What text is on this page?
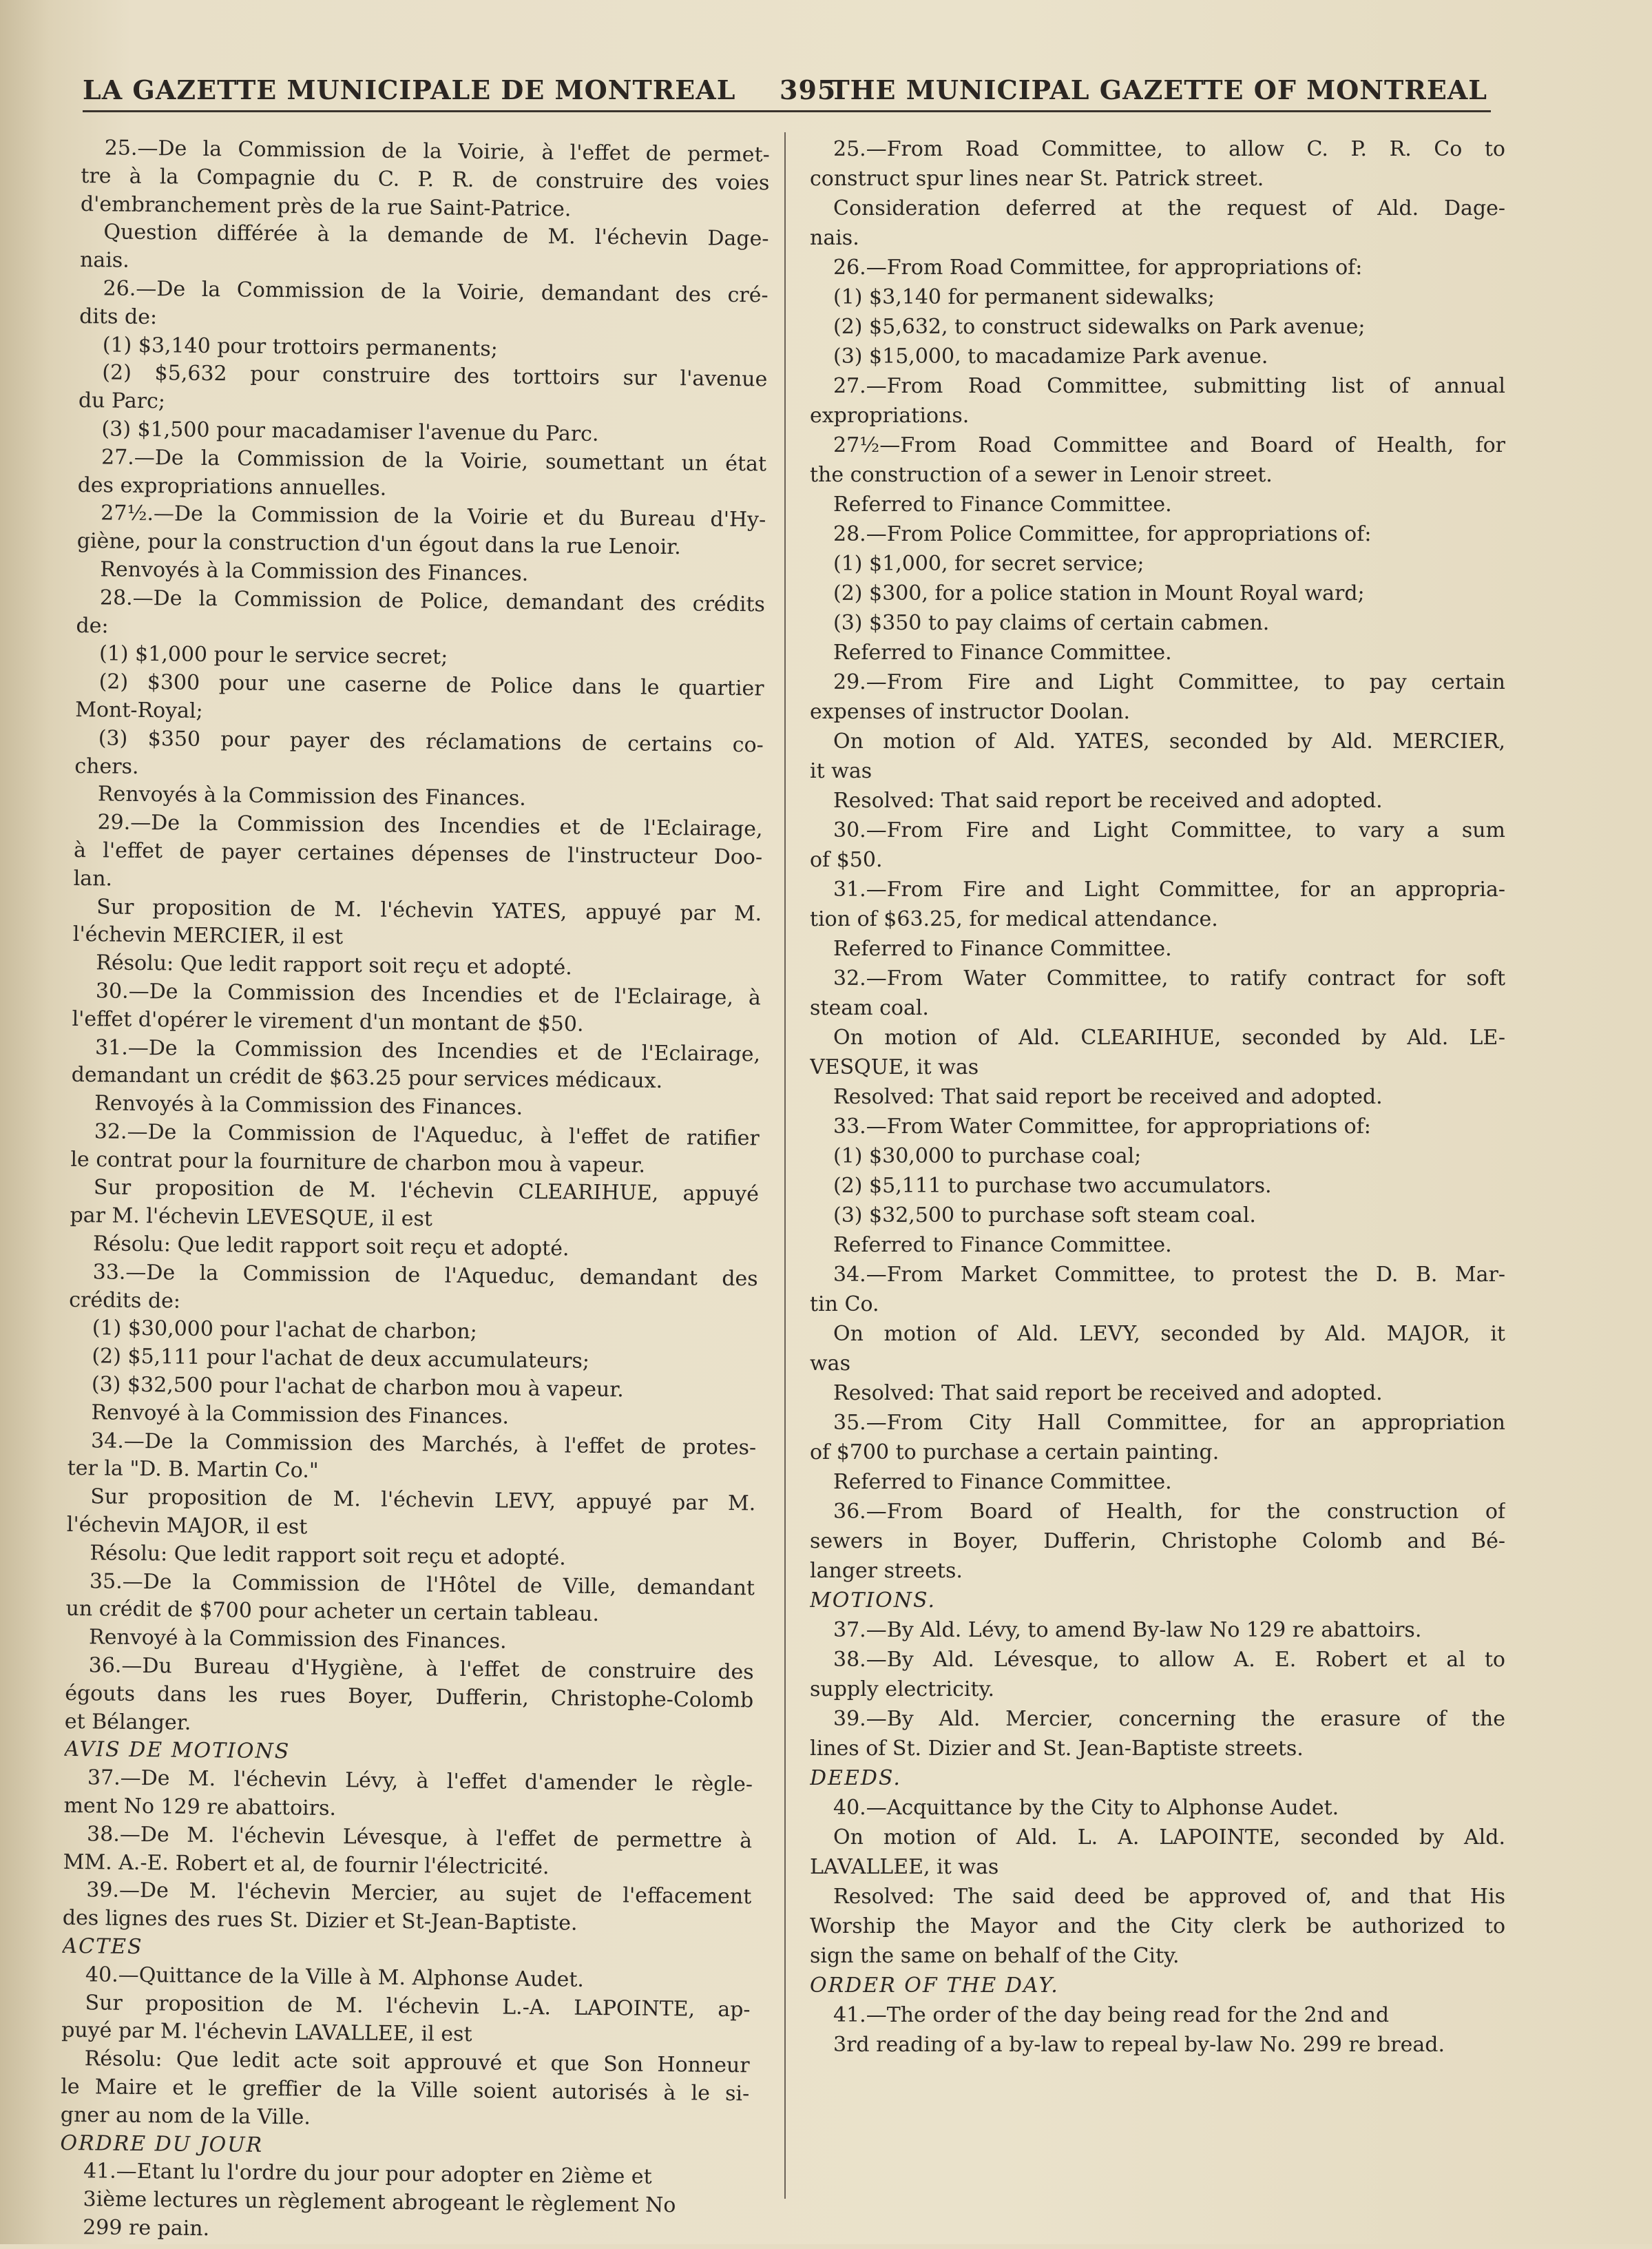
LA GAZETTE MUNICIPALE DE MONTREAL 395
THE MUNICIPAL GAZETTE OF MONTREAL
25.—De la Commission de la Voirie, à l'effet de permet-
tre à la Compagnie du C. P. R. de construire des voies
d'embranchement près de la rue Saint-Patrice.
Question différée à la demande de M. l'échevin Dage-
nais.
26.—De la Commission de la Voirie, demandant des cré-
dits de:
(1) $3,140 pour trottoirs permanents;
(2) $5,632 pour construire des torttoirs sur l'avenue
du Parc;
(3) $1,500 pour macadamiser l'avenue du Parc.
27.—De la Commission de la Voirie, soumettant un état
des expropriations annuelles.
27½.—De la Commission de la Voirie et du Bureau d'Hy-
giène, pour la construction d'un égout dans la rue Lenoir.
Renvoyés à la Commission des Finances.
28.—De la Commission de Police, demandant des crédits
de:
(1) $1,000 pour le service secret;
(2) $300 pour une caserne de Police dans le quartier
Mont-Royal;
(3) $350 pour payer des réclamations de certains co-
chers.
Renvoyés à la Commission des Finances.
29.—De la Commission des Incendies et de l'Eclairage,
à l'effet de payer certaines dépenses de l'instructeur Doo-
lan.
Sur proposition de M. l'échevin YATES, appuyé par M.
l'échevin MERCIER, il est
Résolu: Que ledit rapport soit reçu et adopté.
30.—De la Commission des Incendies et de l'Eclairage, à
l'effet d'opérer le virement d'un montant de $50.
31.—De la Commission des Incendies et de l'Eclairage,
demandant un crédit de $63.25 pour services médicaux.
Renvoyés à la Commission des Finances.
32.—De la Commission de l'Aqueduc, à l'effet de ratifier
le contrat pour la fourniture de charbon mou à vapeur.
Sur proposition de M. l'échevin CLEARIHUE, appuyé
par M. l'échevin LEVESQUE, il est
Résolu: Que ledit rapport soit reçu et adopté.
33.—De la Commission de l'Aqueduc, demandant des
crédits de:
(1) $30,000 pour l'achat de charbon;
(2) $5,111 pour l'achat de deux accumulateurs;
(3) $32,500 pour l'achat de charbon mou à vapeur.
Renvoyé à la Commission des Finances.
34.—De la Commission des Marchés, à l'effet de protes-
ter la "D. B. Martin Co."
Sur proposition de M. l'échevin LEVY, appuyé par M.
l'échevin MAJOR, il est
Résolu: Que ledit rapport soit reçu et adopté.
35.—De la Commission de l'Hôtel de Ville, demandant
un crédit de $700 pour acheter un certain tableau.
Renvoyé à la Commission des Finances.
36.—Du Bureau d'Hygiène, à l'effet de construire des
égouts dans les rues Boyer, Dufferin, Christophe-Colomb
et Bélanger.
AVIS DE MOTIONS
37.—De M. l'échevin Lévy, à l'effet d'amender le règle-
ment No 129 re abattoirs.
38.—De M. l'échevin Lévesque, à l'effet de permettre à
MM. A.-E. Robert et al, de fournir l'électricité.
39.—De M. l'échevin Mercier, au sujet de l'effacement
des lignes des rues St. Dizier et St-Jean-Baptiste.
ACTES
40.—Quittance de la Ville à M. Alphonse Audet.
Sur proposition de M. l'échevin L.-A. LAPOINTE, ap-
puyé par M. l'échevin LAVALLEE, il est
Résolu: Que ledit acte soit approuvé et que Son Honneur
le Maire et le greffier de la Ville soient autorisés à le si-
gner au nom de la Ville.
ORDRE DU JOUR
41.—Etant lu l'ordre du jour pour adopter en 2ième et
3ième lectures un règlement abrogeant le règlement No
299 re pain.
25.—From Road Committee, to allow C. P. R. Co to
construct spur lines near St. Patrick street.
Consideration deferred at the request of Ald. Dage-
nais.
26.—From Road Committee, for appropriations of:
(1) $3,140 for permanent sidewalks;
(2) $5,632, to construct sidewalks on Park avenue;
(3) $15,000, to macadamize Park avenue.
27.—From Road Committee, submitting list of annual
expropriations.
27½—From Road Committee and Board of Health, for
the construction of a sewer in Lenoir street.
Referred to Finance Committee.
28.—From Police Committee, for appropriations of:
(1) $1,000, for secret service;
(2) $300, for a police station in Mount Royal ward;
(3) $350 to pay claims of certain cabmen.
Referred to Finance Committee.
29.—From Fire and Light Committee, to pay certain
expenses of instructor Doolan.
On motion of Ald. YATES, seconded by Ald. MERCIER,
it was
Resolved: That said report be received and adopted.
30.—From Fire and Light Committee, to vary a sum
of $50.
31.—From Fire and Light Committee, for an appropria-
tion of $63.25, for medical attendance.
Referred to Finance Committee.
32.—From Water Committee, to ratify contract for soft
steam coal.
On motion of Ald. CLEARIHUE, seconded by Ald. LE-
VESQUE, it was
Resolved: That said report be received and adopted.
33.—From Water Committee, for appropriations of:
(1) $30,000 to purchase coal;
(2) $5,111 to purchase two accumulators.
(3) $32,500 to purchase soft steam coal.
Referred to Finance Committee.
34.—From Market Committee, to protest the D. B. Mar-
tin Co.
On motion of Ald. LEVY, seconded by Ald. MAJOR, it
was
Resolved: That said report be received and adopted.
35.—From City Hall Committee, for an appropriation
of $700 to purchase a certain painting.
Referred to Finance Committee.
36.—From Board of Health, for the construction of
sewers in Boyer, Dufferin, Christophe Colomb and Bé-
langer streets.
MOTIONS.
37.—By Ald. Lévy, to amend By-law No 129 re abattoirs.
38.—By Ald. Lévesque, to allow A. E. Robert et al to
supply electricity.
39.—By Ald. Mercier, concerning the erasure of the
lines of St. Dizier and St. Jean-Baptiste streets.
DEEDS.
40.—Acquittance by the City to Alphonse Audet.
On motion of Ald. L. A. LAPOINTE, seconded by Ald.
LAVALLEE, it was
Resolved: The said deed be approved of, and that His
Worship the Mayor and the City clerk be authorized to
sign the same on behalf of the City.
ORDER OF THE DAY.
41.—The order of the day being read for the 2nd and
3rd reading of a by-law to repeal by-law No. 299 re bread.
